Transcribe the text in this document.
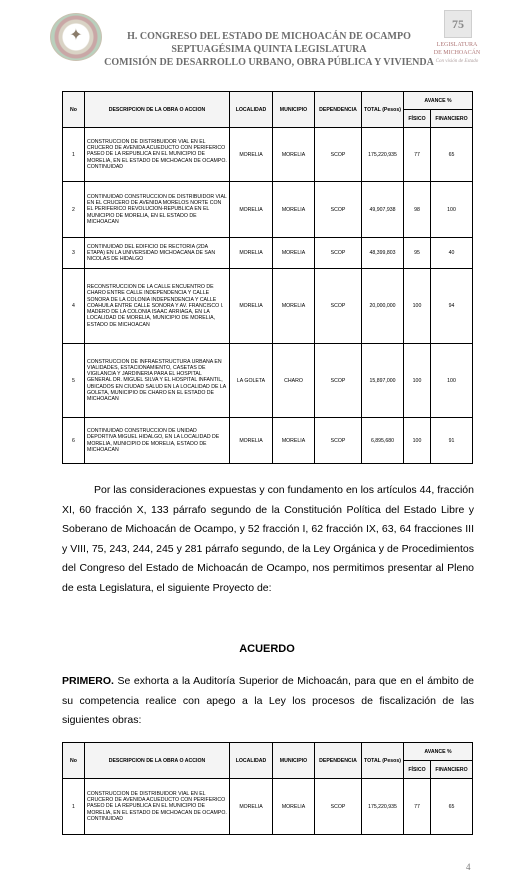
✦	H. CONGRESO DEL ESTADO DE MICHOACÁN DE OCAMPO
SEPTUAGÉSIMA QUINTA LEGISLATURA
COMISIÓN DE DESARROLLO URBANO, OBRA PÚBLICA Y VIVIENDA
75
LEGISLATURA
DE MICHOACÁN
Con visión de Estado
No	DESCRIPCION DE LA OBRA O ACCION	LOCALIDAD	MUNICIPIO	DEPENDENCIA	TOTAL (Pesos)	AVANCE %	
						FÍSICO	FINANCIERO
1	CONSTRUCCION DE DISTRIBUIDOR VIAL EN EL CRUCERO DE AVENIDA ACUEDUCTO CON PERIFERICO PASEO DE LA REPUBLICA EN EL MUNICIPIO DE MORELIA, EN EL ESTADO DE MICHOACAN DE OCAMPO. CONTINUIDAD	MORELIA	MORELIA	SCOP	175,220,935	77	65
2	CONTINUIDAD CONSTRUCCION DE DISTRIBUIDOR VIAL EN EL CRUCERO DE AVENIDA MORELOS NORTE CON EL PERIFERICO REVOLUCION-REPUBLICA EN EL MUNICIPIO DE MORELIA, EN EL ESTADO DE MICHOACAN	MORELIA	MORELIA	SCOP	49,907,938	98	100
3	CONTINUIDAD DEL EDIFICIO DE RECTORIA (2DA ETAPA) EN LA UNIVERSIDAD MICHOACANA DE SAN NICOLAS DE HIDALGO	MORELIA	MORELIA	SCOP	48,399,803	95	40
4	RECONSTRUCCION DE LA CALLE ENCUENTRO DE CHARO ENTRE CALLE INDEPENDENCIA Y CALLE SONORA DE LA COLONIA INDEPENDENCIA Y CALLE COAHUILA ENTRE CALLE SONORA Y AV. FRANCISCO I. MADERO DE LA COLONIA ISAAC ARRIAGA, EN LA LOCALIDAD DE MORELIA, MUNICIPIO DE MORELIA, ESTADO DE MICHOACAN	MORELIA	MORELIA	SCOP	20,000,000	100	94
5	CONSTRUCCION DE INFRAESTRUCTURA URBANA EN VIALIDADES, ESTACIONAMIENTO, CASETAS DE VIGILANCIA Y JARDINERIA PARA EL HOSPITAL GENERAL DR. MIGUEL SILVA Y EL HOSPITAL INFANTIL, UBICADOS EN CIUDAD SALUD EN LA LOCALIDAD DE LA GOLETA, MUNICIPIO DE CHARO EN EL ESTADO DE MICHOACAN	LA GOLETA	CHARO	SCOP	15,897,000	100	100
6	CONTINUIDAD CONSTRUCCION DE UNIDAD DEPORTIVA MIGUEL HIDALGO, EN LA LOCALIDAD DE MORELIA, MUNICIPIO DE MORELIA, ESTADO DE MICHOACAN	MORELIA	MORELIA	SCOP	6,895,680	100	91
Por las consideraciones expuestas y con fundamento en los artículos 44, fracción XI, 60 fracción X, 133 párrafo segundo de la Constitución Política del Estado Libre y Soberano de Michoacán de Ocampo, y 52 fracción I, 62 fracción IX, 63, 64 fracciones III y VIII, 75, 243, 244, 245 y 281 párrafo segundo, de la Ley Orgánica y de Procedimientos del Congreso del Estado de Michoacán de Ocampo, nos permitimos presentar al Pleno de esta Legislatura, el siguiente Proyecto de:
ACUERDO
PRIMERO. Se exhorta a la Auditoría Superior de Michoacán, para que en el ámbito de su competencia realice con apego a la Ley los procesos de fiscalización de las siguientes obras:
No	DESCRIPCION DE LA OBRA O ACCION	LOCALIDAD	MUNICIPIO	DEPENDENCIA	TOTAL (Pesos)	AVANCE %	
						FÍSICO	FINANCIERO
1	CONSTRUCCION DE DISTRIBUIDOR VIAL EN EL CRUCERO DE AVENIDA ACUEDUCTO CON PERIFERICO PASEO DE LA REPUBLICA EN EL MUNICIPIO DE MORELIA, EN EL ESTADO DE MICHOACAN DE OCAMPO. CONTINUIDAD	MORELIA	MORELIA	SCOP	175,220,935	77	65
4
